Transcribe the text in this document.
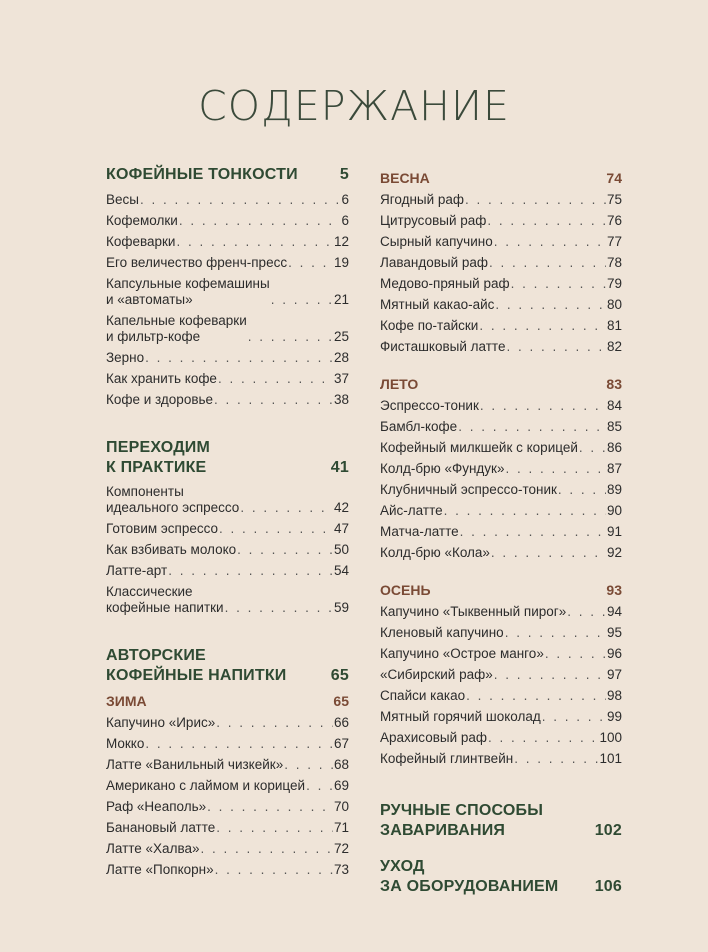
СОДЕРЖАНИЕ
КОФЕЙНЫЕ ТОНКОСТИ	5
Весы . . .	6
Кофемолки . . .	6
Кофеварки . . .	12
Его величество френч-пресс . . .	19
Капсульные кофемашины
и «автоматы» . . .	21
Капельные кофеварки
и фильтр-кофе . . .	25
Зерно . . .	28
Как хранить кофе . . .	37
Кофе и здоровье . . .	38
ПЕРЕХОДИМ
К ПРАКТИКЕ	41
Компоненты
идеального эспрессо . . .	42
Готовим эспрессо . . .	47
Как взбивать молоко . . .	50
Латте-арт . . .	54
Классические
кофейные напитки . . .	59
АВТОРСКИЕ
КОФЕЙНЫЕ НАПИТКИ	65
ЗИМА	65
Капучино «Ирис» . . .	66
Мокко . . .	67
Латте «Ванильный чизкейк» . . .	68
Американо с лаймом и корицей . . . 69
Раф «Неаполь» . . .	70
Банановый латте . . .	71
Латте «Халва» . . .	72
Латте «Попкорн» . . .	73
ВЕСНА	74
Ягодный раф . . .	75
Цитрусовый раф . . .	76
Сырный капучино . . .	77
Лавандовый раф . . .	78
Медово-пряный раф . . .	79
Мятный какао-айс . . .	80
Кофе по-тайски . . .	81
Фисташковый латте . . .	82
ЛЕТО	83
Эспрессо-тоник . . .	84
Бамбл-кофе . . .	85
Кофейный милкшейк с корицей . . . 86
Колд-брю «Фундук» . . .	87
Клубничный эспрессо-тоник . . .	89
Айс-латте . . .	90
Матча-латте . . .	91
Колд-брю «Кола» . . .	92
ОСЕНЬ	93
Капучино «Тыквенный пирог» . . .	94
Кленовый капучино . . .	95
Капучино «Острое манго» . . .	96
«Сибирский раф» . . .	97
Спайси какао . . .	98
Мятный горячий шоколад . . .	99
Арахисовый раф . . .	100
Кофейный глинтвейн . . .	101
РУЧНЫЕ СПОСОБЫ
ЗАВАРИВАНИЯ	102
УХОД
ЗА ОБОРУДОВАНИЕМ 106
